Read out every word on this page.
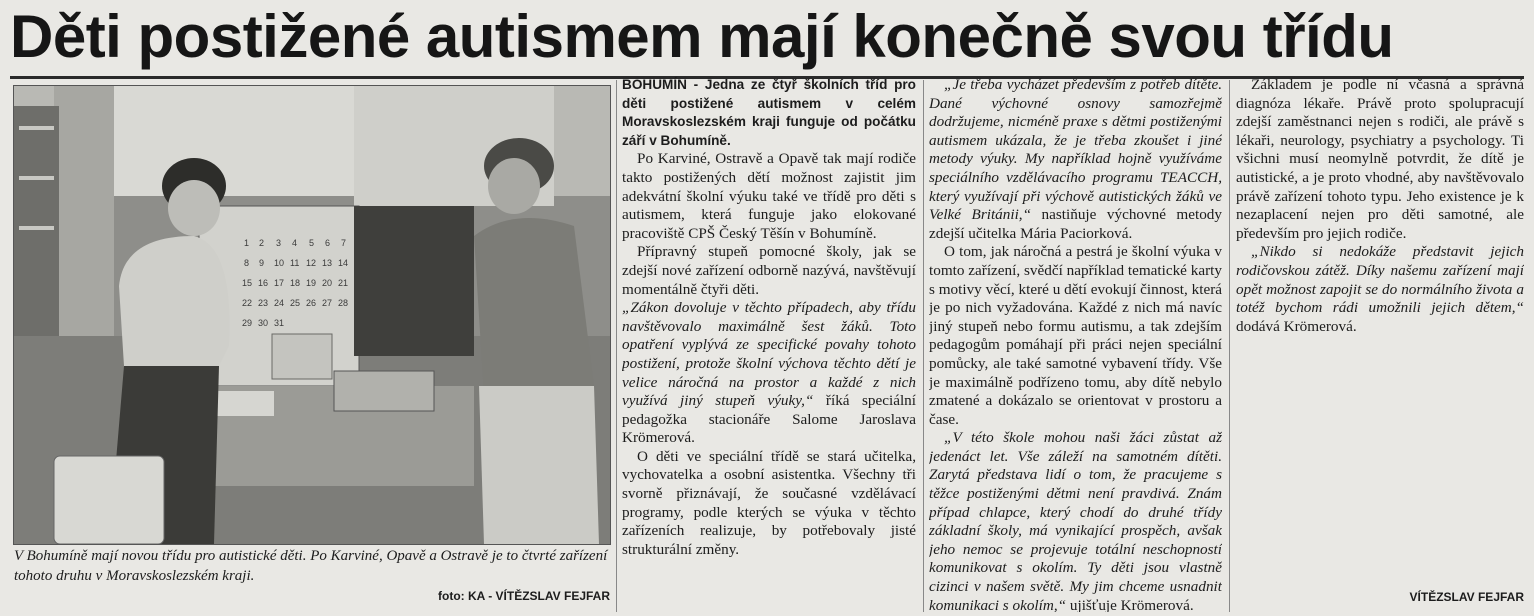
Děti postižené autismem mají konečně svou třídu
1 2 3 4 5 6 7
8 9 10 11 12 13 14
15 16 17 18 19 20 21
22 23 24 25 26 27 28
29 30 31
V Bohumíně mají novou třídu pro autistické děti. Po Karviné, Opavě a Ostravě je to čtvrté zařízení tohoto druhu v Moravskoslezském kraji.
foto: KA - VÍTĚZSLAV FEJFAR

BOHUMÍN - Jedna ze čtyř školních tříd pro děti postižené autismem v celém Moravskoslezském kraji funguje od počátku září v Bohumíně.

Po Karviné, Ostravě a Opavě tak mají rodiče takto postižených dětí možnost zajistit jim adekvátní školní výuku také ve třídě pro děti s autismem, která funguje jako elokované pracoviště CPŠ Český Těšín v Bohumíně.

Přípravný stupeň pomocné školy, jak se zdejší nové zařízení odborně nazývá, navštěvují momentálně čtyři děti.

„Zákon dovoluje v těchto případech, aby třídu navštěvovalo maximálně šest žáků. Toto opatření vyplývá ze specifické povahy tohoto postižení, protože školní výchova těchto dětí je velice náročná na prostor a každé z nich využívá jiný stupeň výuky,“ říká speciální pedagožka stacionáře Salome Jaroslava Krömerová.

O děti ve speciální třídě se stará učitelka, vychovatelka a osobní asistentka. Všechny tři svorně přiznávají, že současné vzdělávací programy, podle kterých se výuka v těchto zařízeních realizuje, by potřebovaly jisté strukturální změny.

„Je třeba vycházet především z potřeb dítěte. Dané výchovné osnovy samozřejmě dodržujeme, nicméně praxe s dětmi postiženými autismem ukázala, že je třeba zkoušet i jiné metody výuky. My například hojně využíváme speciálního vzdělávacího programu TEACCH, který využívají při výchově autistických žáků ve Velké Británii,“ nastiňuje výchovné metody zdejší učitelka Mária Paciorková.

O tom, jak náročná a pestrá je školní výuka v tomto zařízení, svědčí například tematické karty s motivy věcí, které u dětí evokují činnost, která je po nich vyžadována. Každé z nich má navíc jiný stupeň nebo formu autismu, a tak zdejším pedagogům pomáhají při práci nejen speciální pomůcky, ale také samotné vybavení třídy. Vše je maximálně podřízeno tomu, aby dítě nebylo zmatené a dokázalo se orientovat v prostoru a čase.

„V této škole mohou naši žáci zůstat až jedenáct let. Vše záleží na samotném dítěti. Zarytá představa lidí o tom, že pracujeme s těžce postiženými dětmi není pravdivá. Znám případ chlapce, který chodí do druhé třídy základní školy, má vynikající prospěch, avšak jeho nemoc se projevuje totální neschopností komunikovat s okolím. Ty děti jsou vlastně cizinci v našem světě. My jim chceme usnadnit komunikaci s okolím,“ ujišťuje Krömerová.

Základem je podle ní včasná a správná diagnóza lékaře. Právě proto spolupracují zdejší zaměstnanci nejen s rodiči, ale právě s lékaři, neurology, psychiatry a psychology. Ti všichni musí neomylně potvrdit, že dítě je autistické, a je proto vhodné, aby navštěvovalo právě zařízení tohoto typu. Jeho existence je k nezaplacení nejen pro děti samotné, ale především pro jejich rodiče.

„Nikdo si nedokáže představit jejich rodičovskou zátěž. Díky našemu zařízení mají opět možnost zapojit se do normálního života a totéž bychom rádi umožnili jejich dětem,“ dodává Krömerová.

VÍTĚZSLAV FEJFAR
